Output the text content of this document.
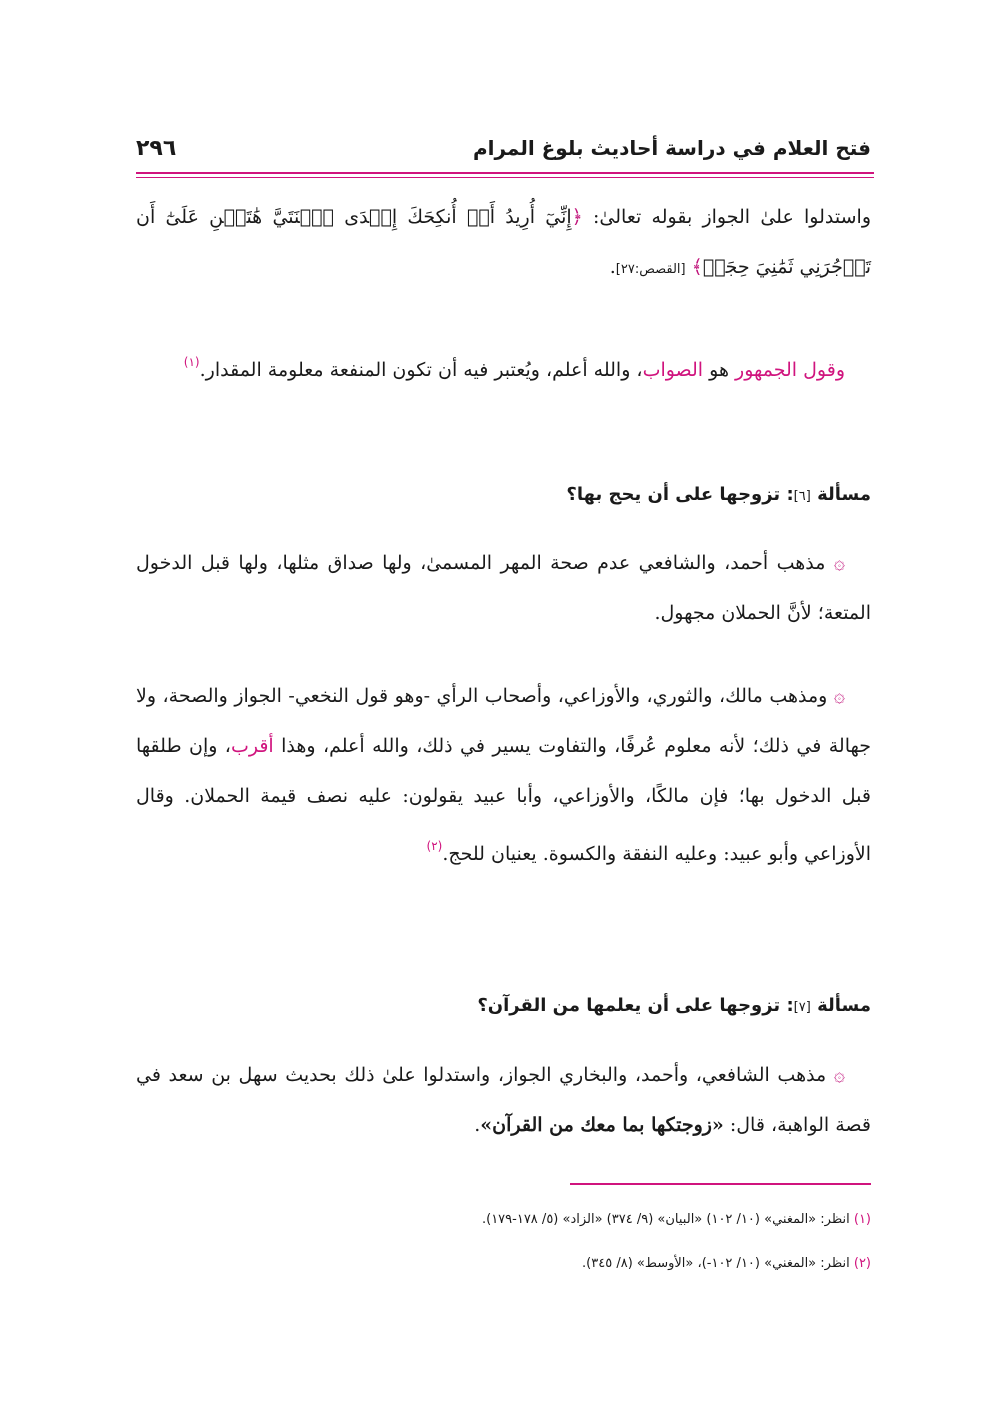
فتح العلام في دراسة أحاديث بلوغ المرام
٢٩٦
واستدلوا علىٰ الجواز بقوله تعالىٰ: ﴿إِنِّيٓ أُرِيدُ أَنۡ أُنكِحَكَ إِحۡدَى ٱبۡنَتَيَّ هَٰتَيۡنِ عَلَىٰٓ أَن تَأۡجُرَنِي ثَمَٰنِيَ حِجَجٖ﴾ [القصص:٢٧].
وقول الجمهور هو الصواب، والله أعلم، ويُعتبر فيه أن تكون المنفعة معلومة المقدار.$^{(١)}$
مسألة [٦]: تزوجها على أن يحج بها؟
۞ مذهب أحمد، والشافعي عدم صحة المهر المسمىٰ، ولها صداق مثلها، ولها قبل الدخول المتعة؛ لأنَّ الحملان مجهول.
۞ ومذهب مالك، والثوري، والأوزاعي، وأصحاب الرأي -وهو قول النخعي- الجواز والصحة، ولا جهالة في ذلك؛ لأنه معلوم عُرفًا، والتفاوت يسير في ذلك، والله أعلم، وهذا أقرب، وإن طلقها قبل الدخول بها؛ فإن مالكًا، والأوزاعي، وأبا عبيد يقولون: عليه نصف قيمة الحملان. وقال الأوزاعي وأبو عبيد: وعليه النفقة والكسوة. يعنيان للحج.$^{(٢)}$
مسألة [٧]: تزوجها على أن يعلمها من القرآن؟
۞ مذهب الشافعي، وأحمد، والبخاري الجواز، واستدلوا علىٰ ذلك بحديث سهل بن سعد في قصة الواهبة، قال: «زوجتكها بما معك من القرآن».
(١) انظر: «المغني» (١٠/ ١٠٢) «البيان» (٩/ ٣٧٤) «الزاد» (٥/ ١٧٨-١٧٩).
(٢) انظر: «المغني» (١٠/ ١٠٢-)، «الأوسط» (٨/ ٣٤٥).
